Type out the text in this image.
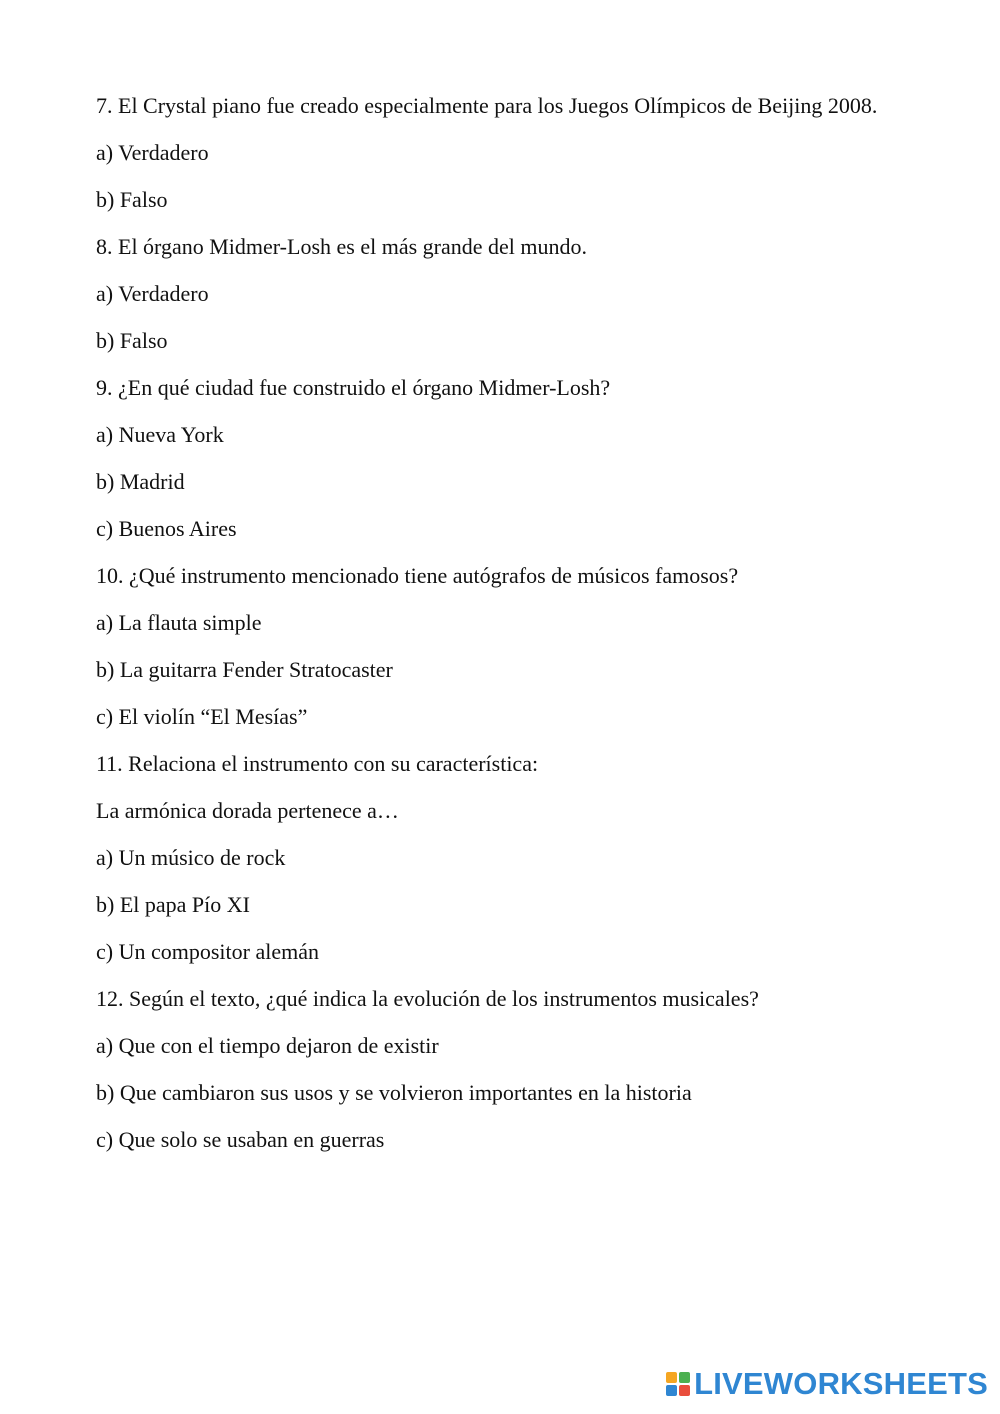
7. El Crystal piano fue creado especialmente para los Juegos Olímpicos de Beijing 2008.

a) Verdadero

b) Falso

8. El órgano Midmer-Losh es el más grande del mundo.

a) Verdadero

b) Falso

9. ¿En qué ciudad fue construido el órgano Midmer-Losh?

a) Nueva York

b) Madrid

c) Buenos Aires

10. ¿Qué instrumento mencionado tiene autógrafos de músicos famosos?

a) La flauta simple

b) La guitarra Fender Stratocaster

c) El violín “El Mesías”

11. Relaciona el instrumento con su característica:

La armónica dorada pertenece a…

a) Un músico de rock

b) El papa Pío XI

c) Un compositor alemán

12. Según el texto, ¿qué indica la evolución de los instrumentos musicales?

a) Que con el tiempo dejaron de existir

b) Que cambiaron sus usos y se volvieron importantes en la historia

c) Que solo se usaban en guerras

LIVEWORKSHEETS
